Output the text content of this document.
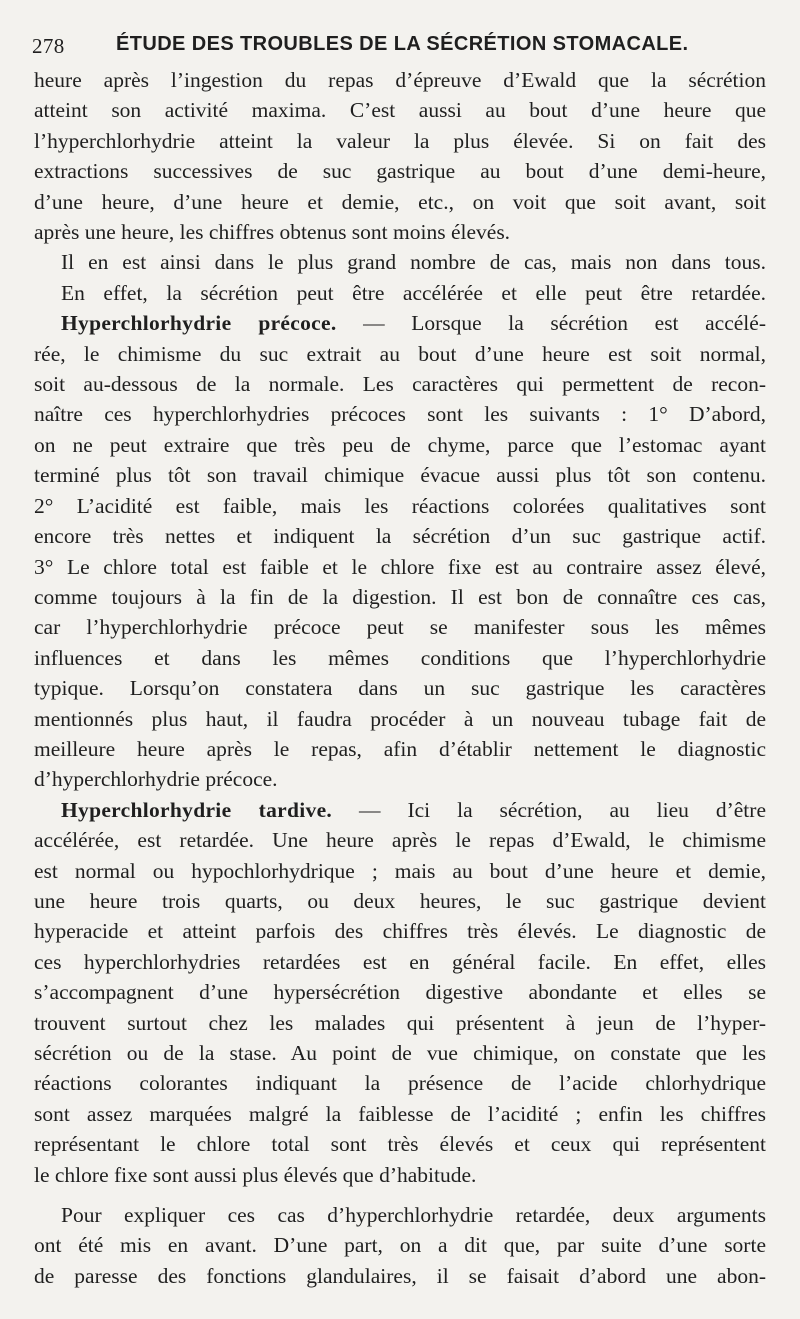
278	ÉTUDE DES TROUBLES DE LA SÉCRÉTION STOMACALE.
heure après l’ingestion du repas d’épreuve d’Ewald que la sécrétion
atteint son activité maxima. C’est aussi au bout d’une heure que
l’hyperchlorhydrie atteint la valeur la plus élevée. Si on fait des
extractions successives de suc gastrique au bout d’une demi-heure,
d’une heure, d’une heure et demie, etc., on voit que soit avant, soit
après une heure, les chiffres obtenus sont moins élevés.
Il en est ainsi dans le plus grand nombre de cas, mais non dans tous.
En effet, la sécrétion peut être accélérée et elle peut être retardée.
Hyperchlorhydrie précoce. — Lorsque la sécrétion est accélé-
rée, le chimisme du suc extrait au bout d’une heure est soit normal,
soit au-dessous de la normale. Les caractères qui permettent de recon-
naître ces hyperchlorhydries précoces sont les suivants : 1° D’abord,
on ne peut extraire que très peu de chyme, parce que l’estomac ayant
terminé plus tôt son travail chimique évacue aussi plus tôt son contenu.
2° L’acidité est faible, mais les réactions colorées qualitatives sont
encore très nettes et indiquent la sécrétion d’un suc gastrique actif.
3° Le chlore total est faible et le chlore fixe est au contraire assez élevé,
comme toujours à la fin de la digestion. Il est bon de connaître ces cas,
car l’hyperchlorhydrie précoce peut se manifester sous les mêmes
influences et dans les mêmes conditions que l’hyperchlorhydrie
typique. Lorsqu’on constatera dans un suc gastrique les caractères
mentionnés plus haut, il faudra procéder à un nouveau tubage fait de
meilleure heure après le repas, afin d’établir nettement le diagnostic
d’hyperchlorhydrie précoce.
Hyperchlorhydrie tardive. — Ici la sécrétion, au lieu d’être
accélérée, est retardée. Une heure après le repas d’Ewald, le chimisme
est normal ou hypochlorhydrique ; mais au bout d’une heure et demie,
une heure trois quarts, ou deux heures, le suc gastrique devient
hyperacide et atteint parfois des chiffres très élevés. Le diagnostic de
ces hyperchlorhydries retardées est en général facile. En effet, elles
s’accompagnent d’une hypersécrétion digestive abondante et elles se
trouvent surtout chez les malades qui présentent à jeun de l’hyper-
sécrétion ou de la stase. Au point de vue chimique, on constate que les
réactions colorantes indiquant la présence de l’acide chlorhydrique
sont assez marquées malgré la faiblesse de l’acidité ; enfin les chiffres
représentant le chlore total sont très élevés et ceux qui représentent
le chlore fixe sont aussi plus élevés que d’habitude.
Pour expliquer ces cas d’hyperchlorhydrie retardée, deux arguments
ont été mis en avant. D’une part, on a dit que, par suite d’une sorte
de paresse des fonctions glandulaires, il se faisait d’abord une abon-
